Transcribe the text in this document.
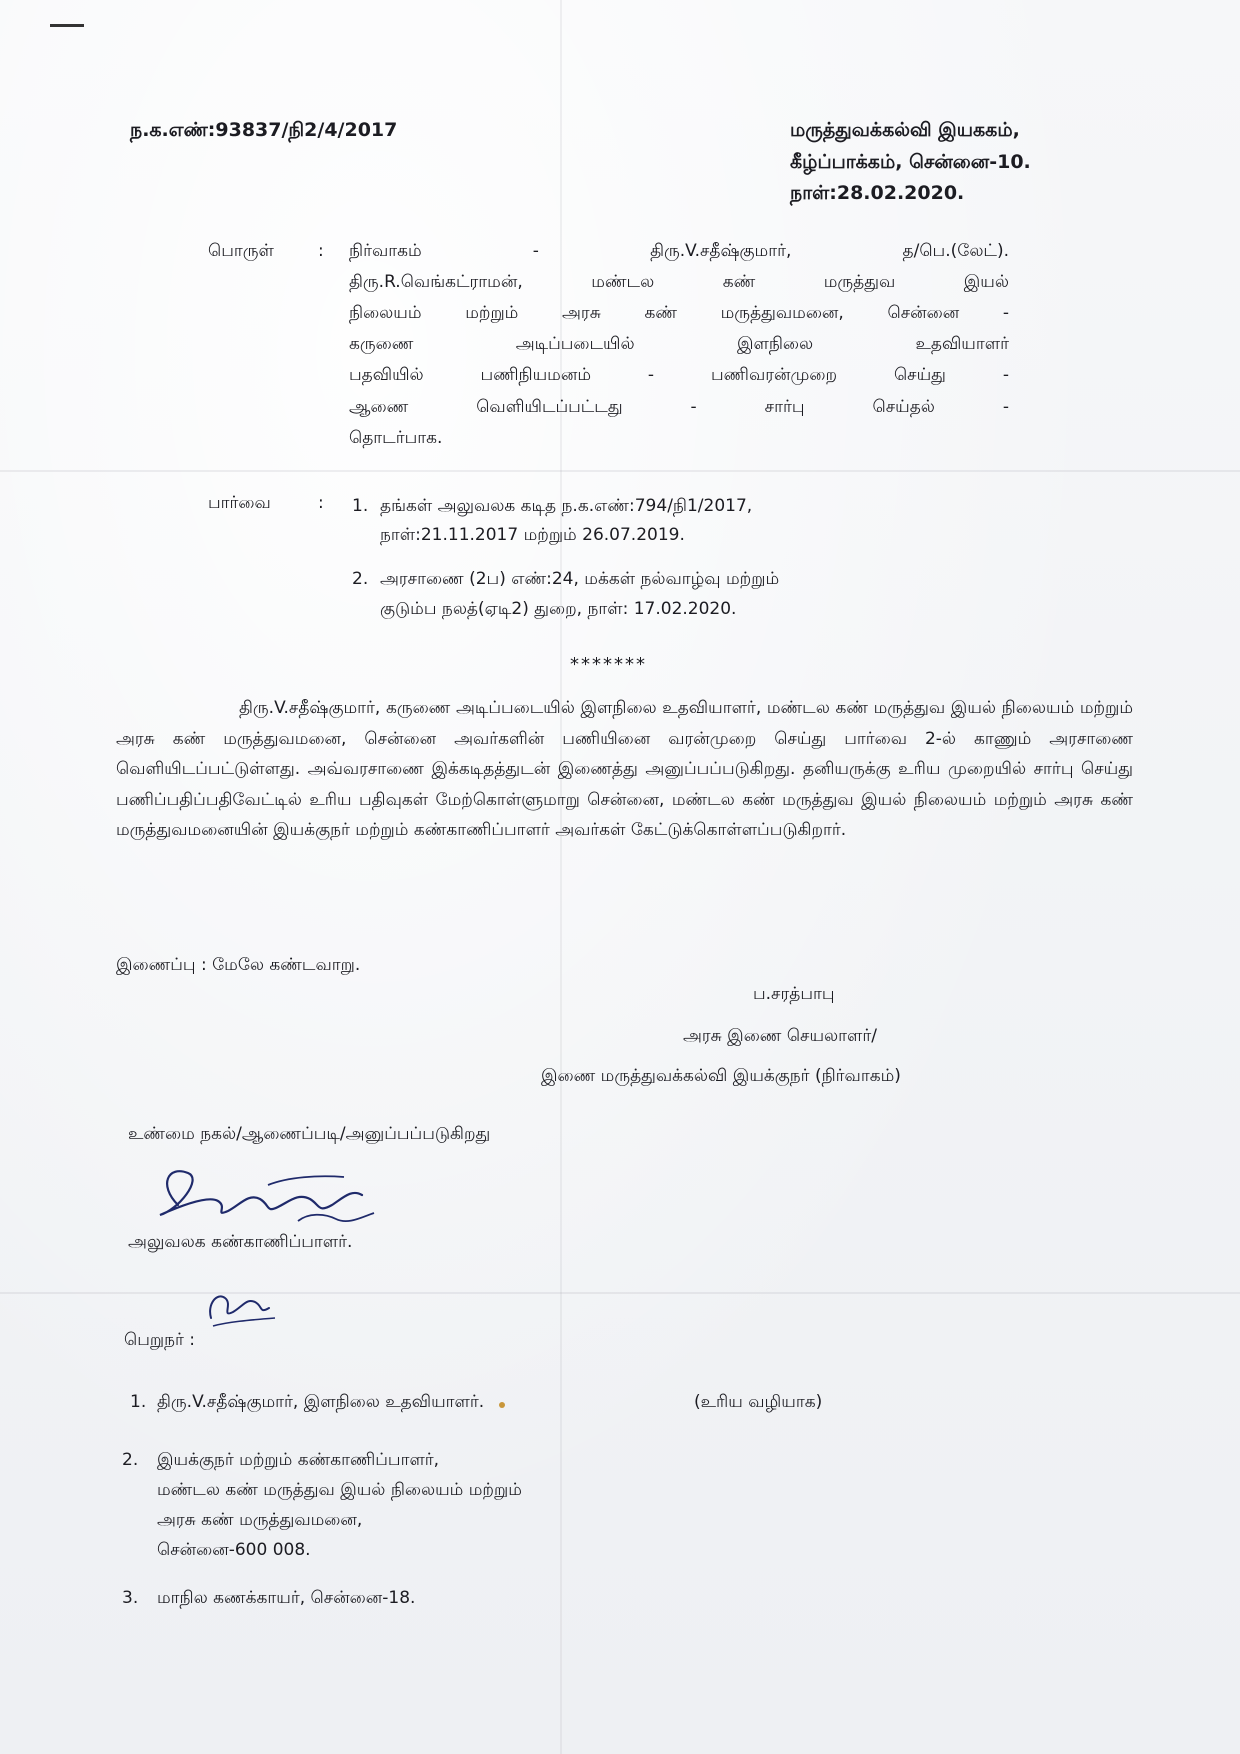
ந.க.எண்:93837/நி2/4/2017	மருத்துவக்கல்வி இயககம்,
கீழ்ப்பாக்கம், சென்னை-10.
நாள்:28.02.2020.
பொருள்	: நிர்வாகம் - திரு.V.சதீஷ்குமார், த/பெ.(லேட்).
திரு.R.வெங்கட்ராமன், மண்டல கண் மருத்துவ இயல்
நிலையம் மற்றும் அரசு கண் மருத்துவமனை, சென்னை -
கருணை அடிப்படையில் இளநிலை உதவியாளர்
பதவியில் பணிநியமனம் - பணிவரன்முறை செய்து -
ஆணை வெளியிடப்பட்டது - சார்பு செய்தல் -
தொடர்பாக.
பார்வை	: 1. தங்கள் அலுவலக கடித ந.க.எண்:794/நி1/2017,
நாள்:21.11.2017 மற்றும் 26.07.2019.
2. அரசாணை (2ப) எண்:24, மக்கள் நல்வாழ்வு மற்றும்
குடும்ப நலத்(ஏடி2) துறை, நாள்: 17.02.2020.
*******
திரு.V.சதீஷ்குமார், கருணை அடிப்படையில் இளநிலை உதவியாளர், மண்டல கண் மருத்துவ இயல் நிலையம் மற்றும் அரசு கண் மருத்துவமனை, சென்னை அவர்களின் பணியினை வரன்முறை செய்து பார்வை 2-ல் காணும் அரசாணை வெளியிடப்பட்டுள்ளது. அவ்வரசாணை இக்கடிதத்துடன் இணைத்து அனுப்பப்படுகிறது. தனியருக்கு உரிய முறையில் சார்பு செய்து பணிப்பதிப்பதிவேட்டில் உரிய பதிவுகள் மேற்கொள்ளுமாறு சென்னை, மண்டல கண் மருத்துவ இயல் நிலையம் மற்றும் அரசு கண் மருத்துவமனையின் இயக்குநர் மற்றும் கண்காணிப்பாளர் அவர்கள் கேட்டுக்கொள்ளப்படுகிறார்.
இணைப்பு : மேலே கண்டவாறு.
ப.சரத்பாபு
அரசு இணை செயலாளர்/
இணை மருத்துவக்கல்வி இயக்குநர் (நிர்வாகம்)
உண்மை நகல்/ஆணைப்படி/அனுப்பப்படுகிறது
அலுவலக கண்காணிப்பாளர்.
பெறுநர் :
1. திரு.V.சதீஷ்குமார், இளநிலை உதவியாளர்.	(உரிய வழியாக)
2. இயக்குநர் மற்றும் கண்காணிப்பாளர்,
மண்டல கண் மருத்துவ இயல் நிலையம் மற்றும்
அரசு கண் மருத்துவமனை,
சென்னை-600 008.
3. மாநில கணக்காயர், சென்னை-18.
